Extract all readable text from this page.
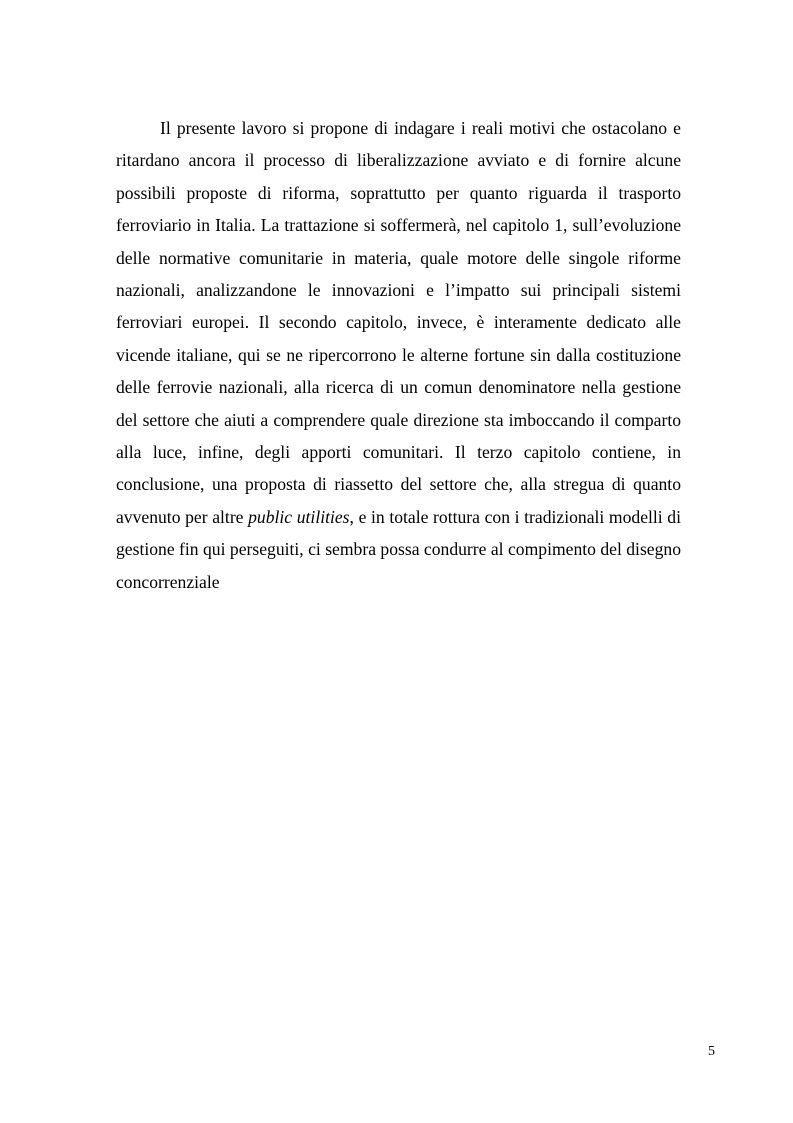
Il presente lavoro si propone di indagare i reali motivi che ostacolano e ritardano ancora il processo di liberalizzazione avviato e di fornire alcune possibili proposte di riforma, soprattutto per quanto riguarda il trasporto ferroviario in Italia. La trattazione si soffermerà, nel capitolo 1, sull’evoluzione delle normative comunitarie in materia, quale motore delle singole riforme nazionali, analizzandone le innovazioni e l’impatto sui principali sistemi ferroviari europei. Il secondo capitolo, invece, è interamente dedicato alle vicende italiane, qui se ne ripercorrono le alterne fortune sin dalla costituzione delle ferrovie nazionali, alla ricerca di un comun denominatore nella gestione del settore che aiuti a comprendere quale direzione sta imboccando il comparto alla luce, infine, degli apporti comunitari. Il terzo capitolo contiene, in conclusione, una proposta di riassetto del settore che, alla stregua di quanto avvenuto per altre public utilities, e in totale rottura con i tradizionali modelli di gestione fin qui perseguiti, ci sembra possa condurre al compimento del disegno concorrenziale

5
